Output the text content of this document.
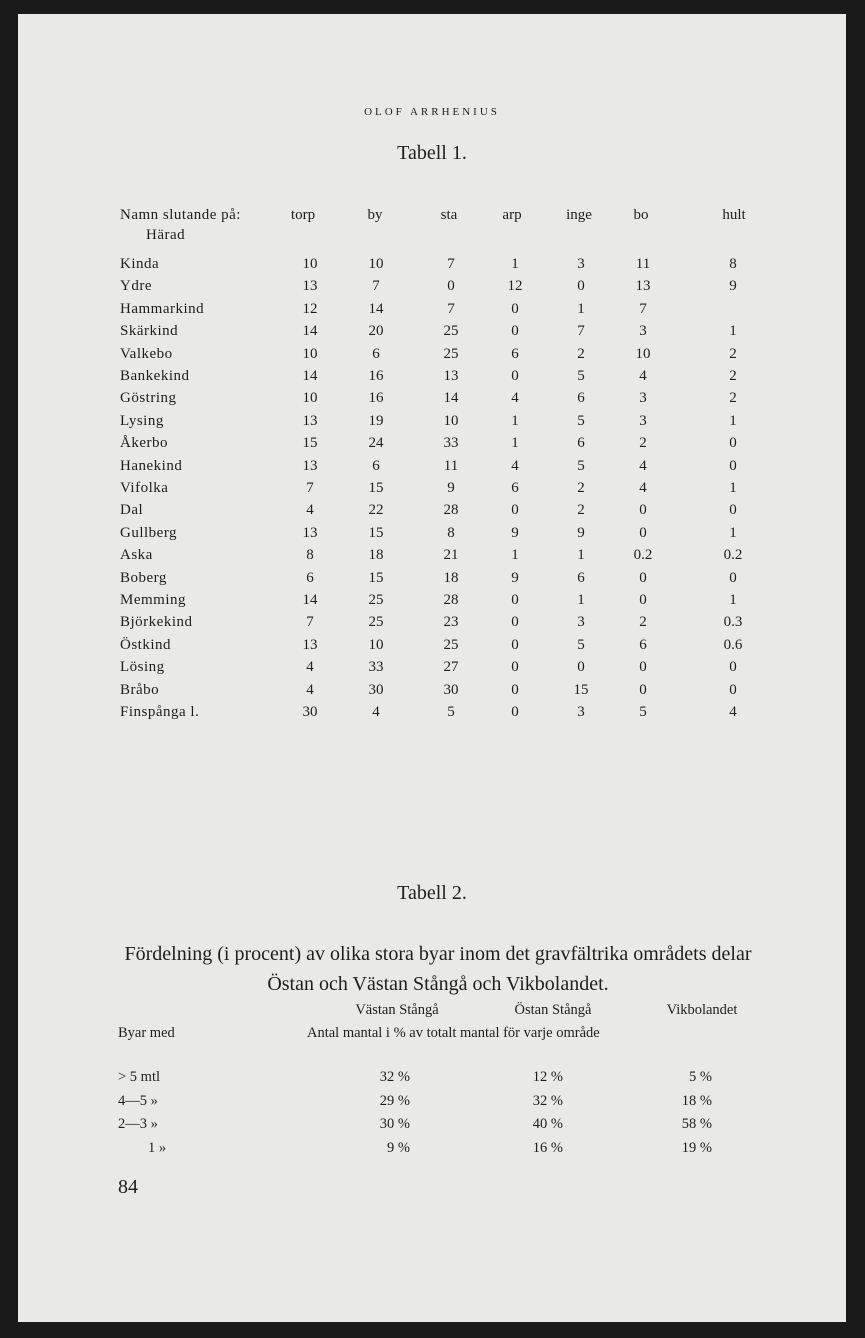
OLOF ARRHENIUS
Tabell 1.
Namn slutande på:	torp	by	sta	arp	inge	bo	hult
Härad
Kinda	10	10	7	1	3	11	8
Ydre	13	7	0	12	0	13	9
Hammarkind	12	14	7	0	1	7
Skärkind	14	20	25	0	7	3	1
Valkebo	10	6	25	6	2	10	2
Bankekind	14	16	13	0	5	4	2
Göstring	10	16	14	4	6	3	2
Lysing	13	19	10	1	5	3	1
Åkerbo	15	24	33	1	6	2	0
Hanekind	13	6	11	4	5	4	0
Vifolka	7	15	9	6	2	4	1
Dal	4	22	28	0	2	0	0
Gullberg	13	15	8	9	9	0	1
Aska	8	18	21	1	1	0.2	0.2
Boberg	6	15	18	9	6	0	0
Memming	14	25	28	0	1	0	1
Björkekind	7	25	23	0	3	2	0.3
Östkind	13	10	25	0	5	6	0.6
Lösing	4	33	27	0	0	0	0
Bråbo	4	30	30	0	15	0	0
Finspånga l.	30	4	5	0	3	5	4
Tabell 2.
Fördelning (i procent) av olika stora byar inom det gravfältrika områdets delar Östan och Västan Stångå och Vikbolandet.
Västan Stångå	Östan Stångå	Vikbolandet
Byar med	Antal mantal i % av totalt mantal för varje område
> 5 mtl	32 %	12 %	5 %
4—5 »	29 %	32 %	18 %
2—3 »	30 %	40 %	58 %
1 »	9 %	16 %	19 %
84
